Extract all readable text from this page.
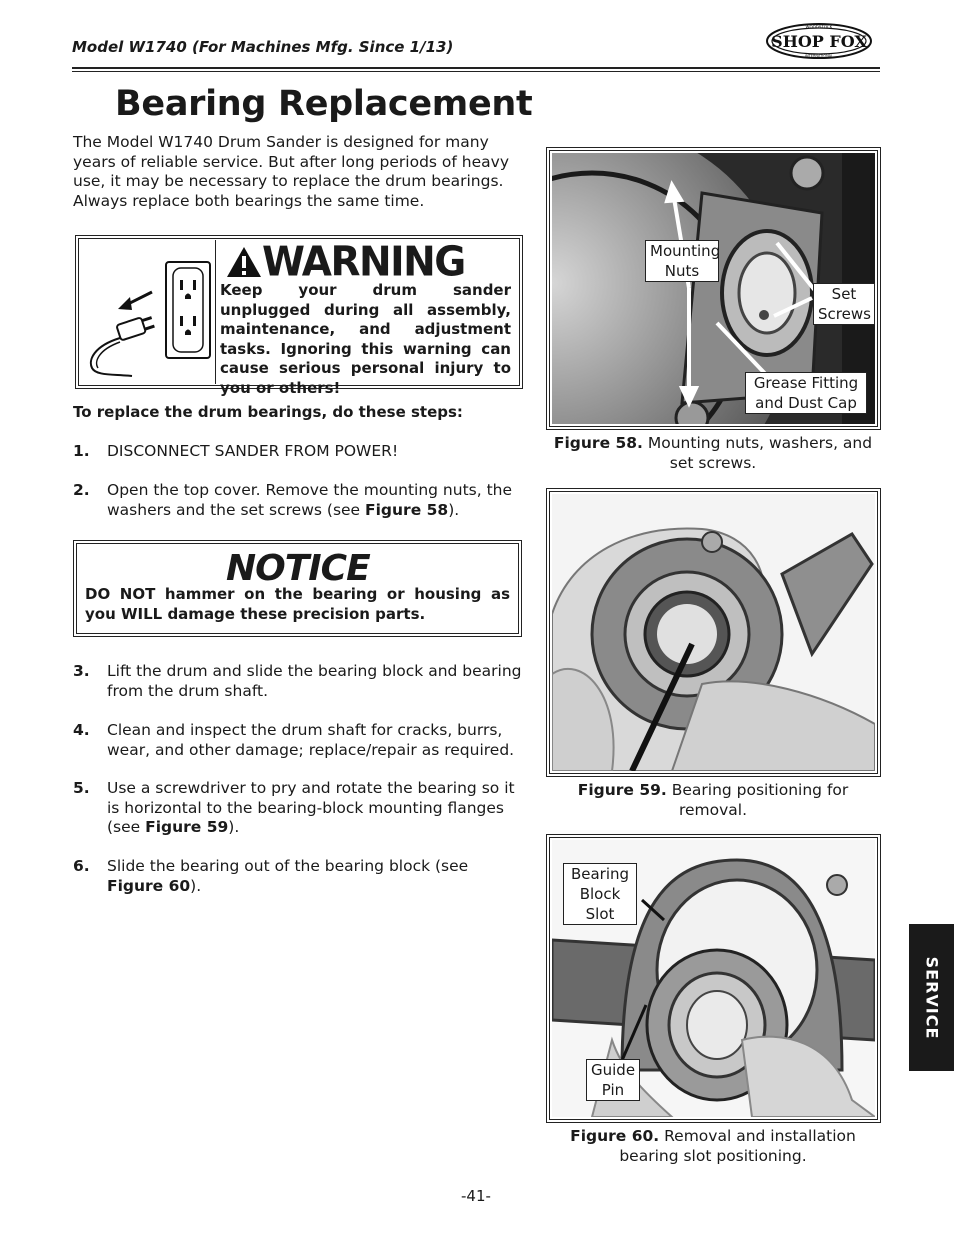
Model W1740 (For Machines Mfg. Since 1/13)	SHOP FOX
WOODSTOCK
INTERNATIONAL
Bearing Replacement
The Model W1740 Drum Sander is designed for many years of reliable service. But after long periods of heavy use, it may be necessary to replace the drum bearings. Always replace both bearings the same time.
WARNING
Keep your drum sander unplugged during all assembly, maintenance, and adjustment tasks. Ignoring this warning can cause serious personal injury to you or others!
To replace the drum bearings, do these steps:
1. DISCONNECT SANDER FROM POWER!
2. Open the top cover. Remove the mounting nuts, the washers and the set screws (see Figure 58).
NOTICE
DO NOT hammer on the bearing or housing as you WILL damage these precision parts.
3. Lift the drum and slide the bearing block and bearing from the drum shaft.
4. Clean and inspect the drum shaft for cracks, burrs, wear, and other damage; replace/repair as required.
5. Use a screwdriver to pry and rotate the bearing so it is horizontal to the bearing-block mounting flanges (see Figure 59).
6. Slide the bearing out of the bearing block (see Figure 60).
Mounting Nuts
Set Screws
Grease Fitting and Dust Cap
Figure 58. Mounting nuts, washers, and set screws.
Figure 59. Bearing positioning for removal.
Bearing Block Slot
Guide Pin
Figure 60. Removal and installation bearing slot positioning.
SERVICE
-41-
